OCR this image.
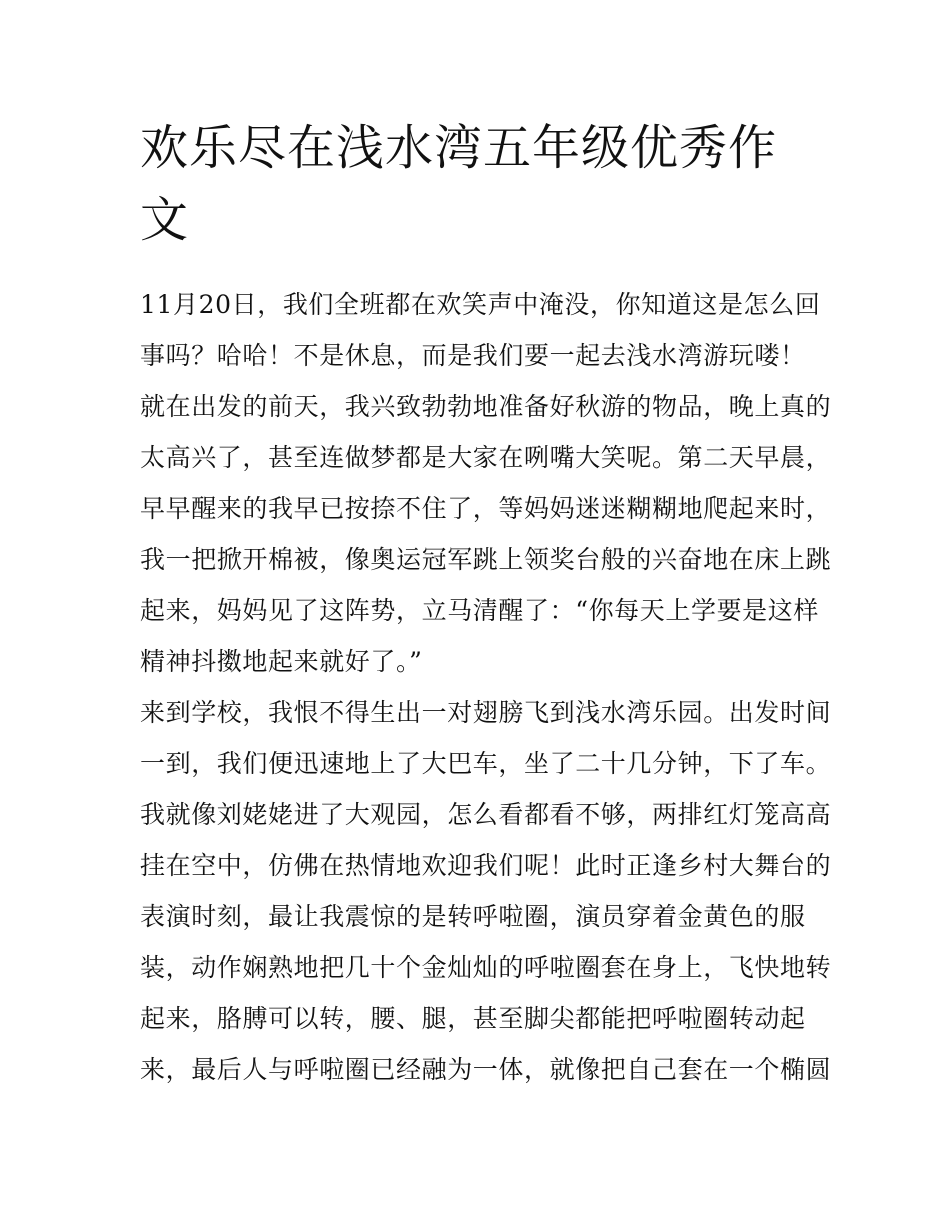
欢乐尽在浅水湾五年级优秀作
文
11月20日，我们全班都在欢笑声中淹没，你知道这是怎么回
事吗？哈哈！不是休息，而是我们要一起去浅水湾游玩喽！
就在出发的前天，我兴致勃勃地准备好秋游的物品，晚上真的
太高兴了，甚至连做梦都是大家在咧嘴大笑呢。第二天早晨，
早早醒来的我早已按捺不住了，等妈妈迷迷糊糊地爬起来时，
我一把掀开棉被，像奥运冠军跳上领奖台般的兴奋地在床上跳
起来，妈妈见了这阵势，立马清醒了：“你每天上学要是这样
精神抖擞地起来就好了。”
来到学校，我恨不得生出一对翅膀飞到浅水湾乐园。出发时间
一到，我们便迅速地上了大巴车，坐了二十几分钟，下了车。
我就像刘姥姥进了大观园，怎么看都看不够，两排红灯笼高高
挂在空中，仿佛在热情地欢迎我们呢！此时正逢乡村大舞台的
表演时刻，最让我震惊的是转呼啦圈，演员穿着金黄色的服
装，动作娴熟地把几十个金灿灿的呼啦圈套在身上，飞快地转
起来，胳膊可以转，腰、腿，甚至脚尖都能把呼啦圈转动起
来，最后人与呼啦圈已经融为一体，就像把自己套在一个椭圆
